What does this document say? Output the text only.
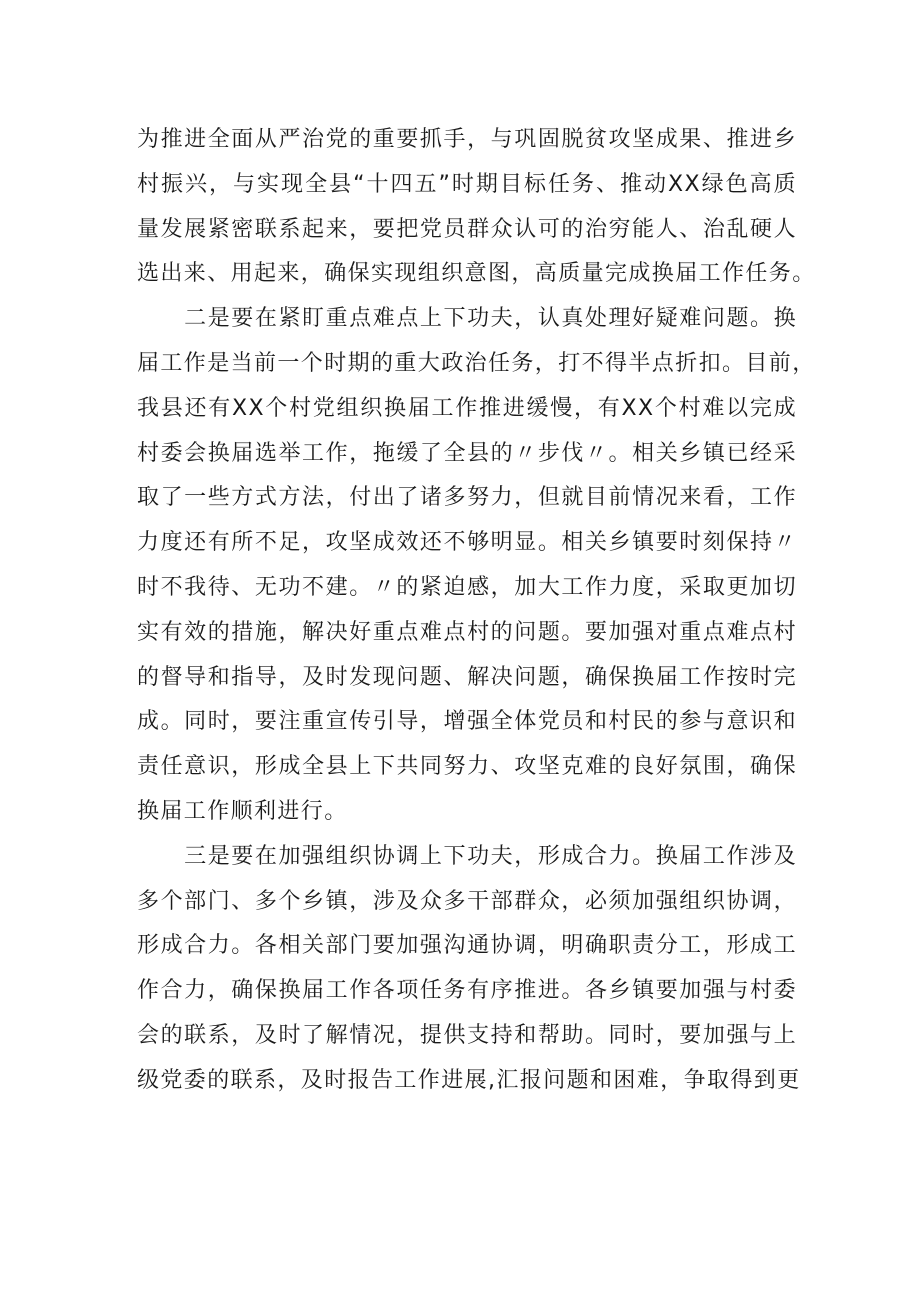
为推进全面从严治党的重要抓手，与巩固脱贫攻坚成果、推进乡
村振兴，与实现全县“十四五”时期目标任务、推动XX绿色高质
量发展紧密联系起来，要把党员群众认可的治穷能人、治乱硬人
选出来、用起来，确保实现组织意图，高质量完成换届工作任务。
　　二是要在紧盯重点难点上下功夫，认真处理好疑难问题。换
届工作是当前一个时期的重大政治任务，打不得半点折扣。目前，
我县还有XX个村党组织换届工作推进缓慢，有XX个村难以完成
村委会换届选举工作，拖缓了全县的〃步伐〃。相关乡镇已经采
取了一些方式方法，付出了诸多努力，但就目前情况来看，工作
力度还有所不足，攻坚成效还不够明显。相关乡镇要时刻保持〃
时不我待、无功不建。〃的紧迫感，加大工作力度，采取更加切
实有效的措施，解决好重点难点村的问题。要加强对重点难点村
的督导和指导，及时发现问题、解决问题，确保换届工作按时完
成。同时，要注重宣传引导，增强全体党员和村民的参与意识和
责任意识，形成全县上下共同努力、攻坚克难的良好氛围，确保
换届工作顺利进行。
　　三是要在加强组织协调上下功夫，形成合力。换届工作涉及
多个部门、多个乡镇，涉及众多干部群众，必须加强组织协调，
形成合力。各相关部门要加强沟通协调，明确职责分工，形成工
作合力，确保换届工作各项任务有序推进。各乡镇要加强与村委
会的联系，及时了解情况，提供支持和帮助。同时，要加强与上
级党委的联系，及时报告工作进展,汇报问题和困难，争取得到更
